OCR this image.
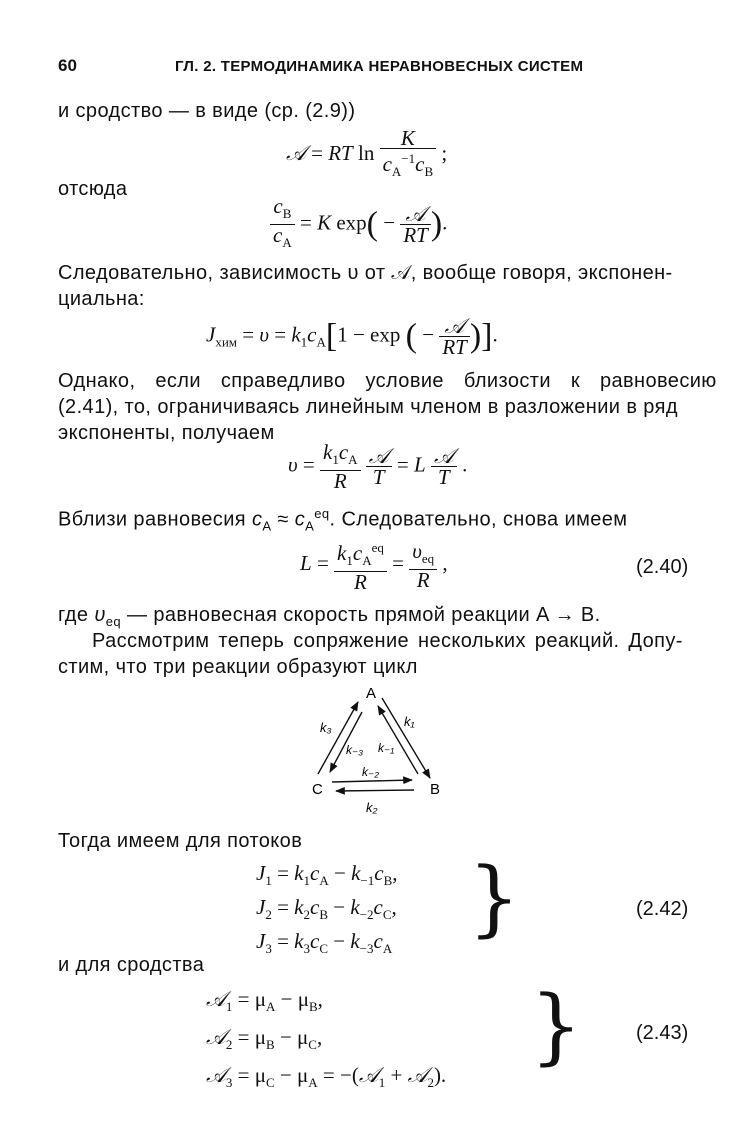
60	ГЛ. 2. ТЕРМОДИНАМИКА НЕРАВНОВЕСНЫХ СИСТЕМ
и сродство — в виде (ср. (2.9))
𝒜 = RT $\ln \frac{K}{c_A^{-1}c_B}$ ;
отсюда
$\frac{c_B}{c_A} = K$ $\exp( - \frac{\text{𝒜}}{RT}$ ).
Следовательно, зависимость υ от 𝒜, вообще говоря, экспонен-
циальна:
$J_{хим} = \upsilon = k_1c_A[1 - \exp$ ( − $\frac{\text{𝒜}}{RT}$ )].
Однако, если справедливо условие близости к равновесию
(2.41), то, ограничиваясь линейным членом в разложении в ряд
экспоненты, получаем
$\upsilon = \frac{k_1c_A}{R}$
$\frac{\text{𝒜}}{T} = L \frac{\text{𝒜}}{T}$ .
Вблизи равновесия $c_A \approx c_A^{eq}$. Следовательно, снова имеем
$L = \frac{k_1c_A^{eq}}{R} = \frac{\upsilon_{eq}}{R}$ ,	(2.40)
где $\upsilon_{eq}$ — равновесная скорость прямой реакции A → B.
Рассмотрим теперь сопряжение нескольких реакций. Допу-
стим, что три реакции образуют цикл
A
C	B
k₃
k₋₃ k₋₁
k₁
k₋₂
k₂
Тогда имеем для потоков
$J_1 = k_1c_A - k_{-1}c_B$,
$J_2 = k_2c_B - k_{-2}c_C$,
$J_3 = k_3c_C - k_{-3}c_A$
}	(2.42)
и для сродства
𝒜$_1$ = $\mu_A - \mu_B$,
𝒜$_2$ = $\mu_B - \mu_C$,
𝒜$_3$ = $\mu_C - \mu_A$ = −(𝒜$_1$ + 𝒜$_2$).
}	(2.43)
